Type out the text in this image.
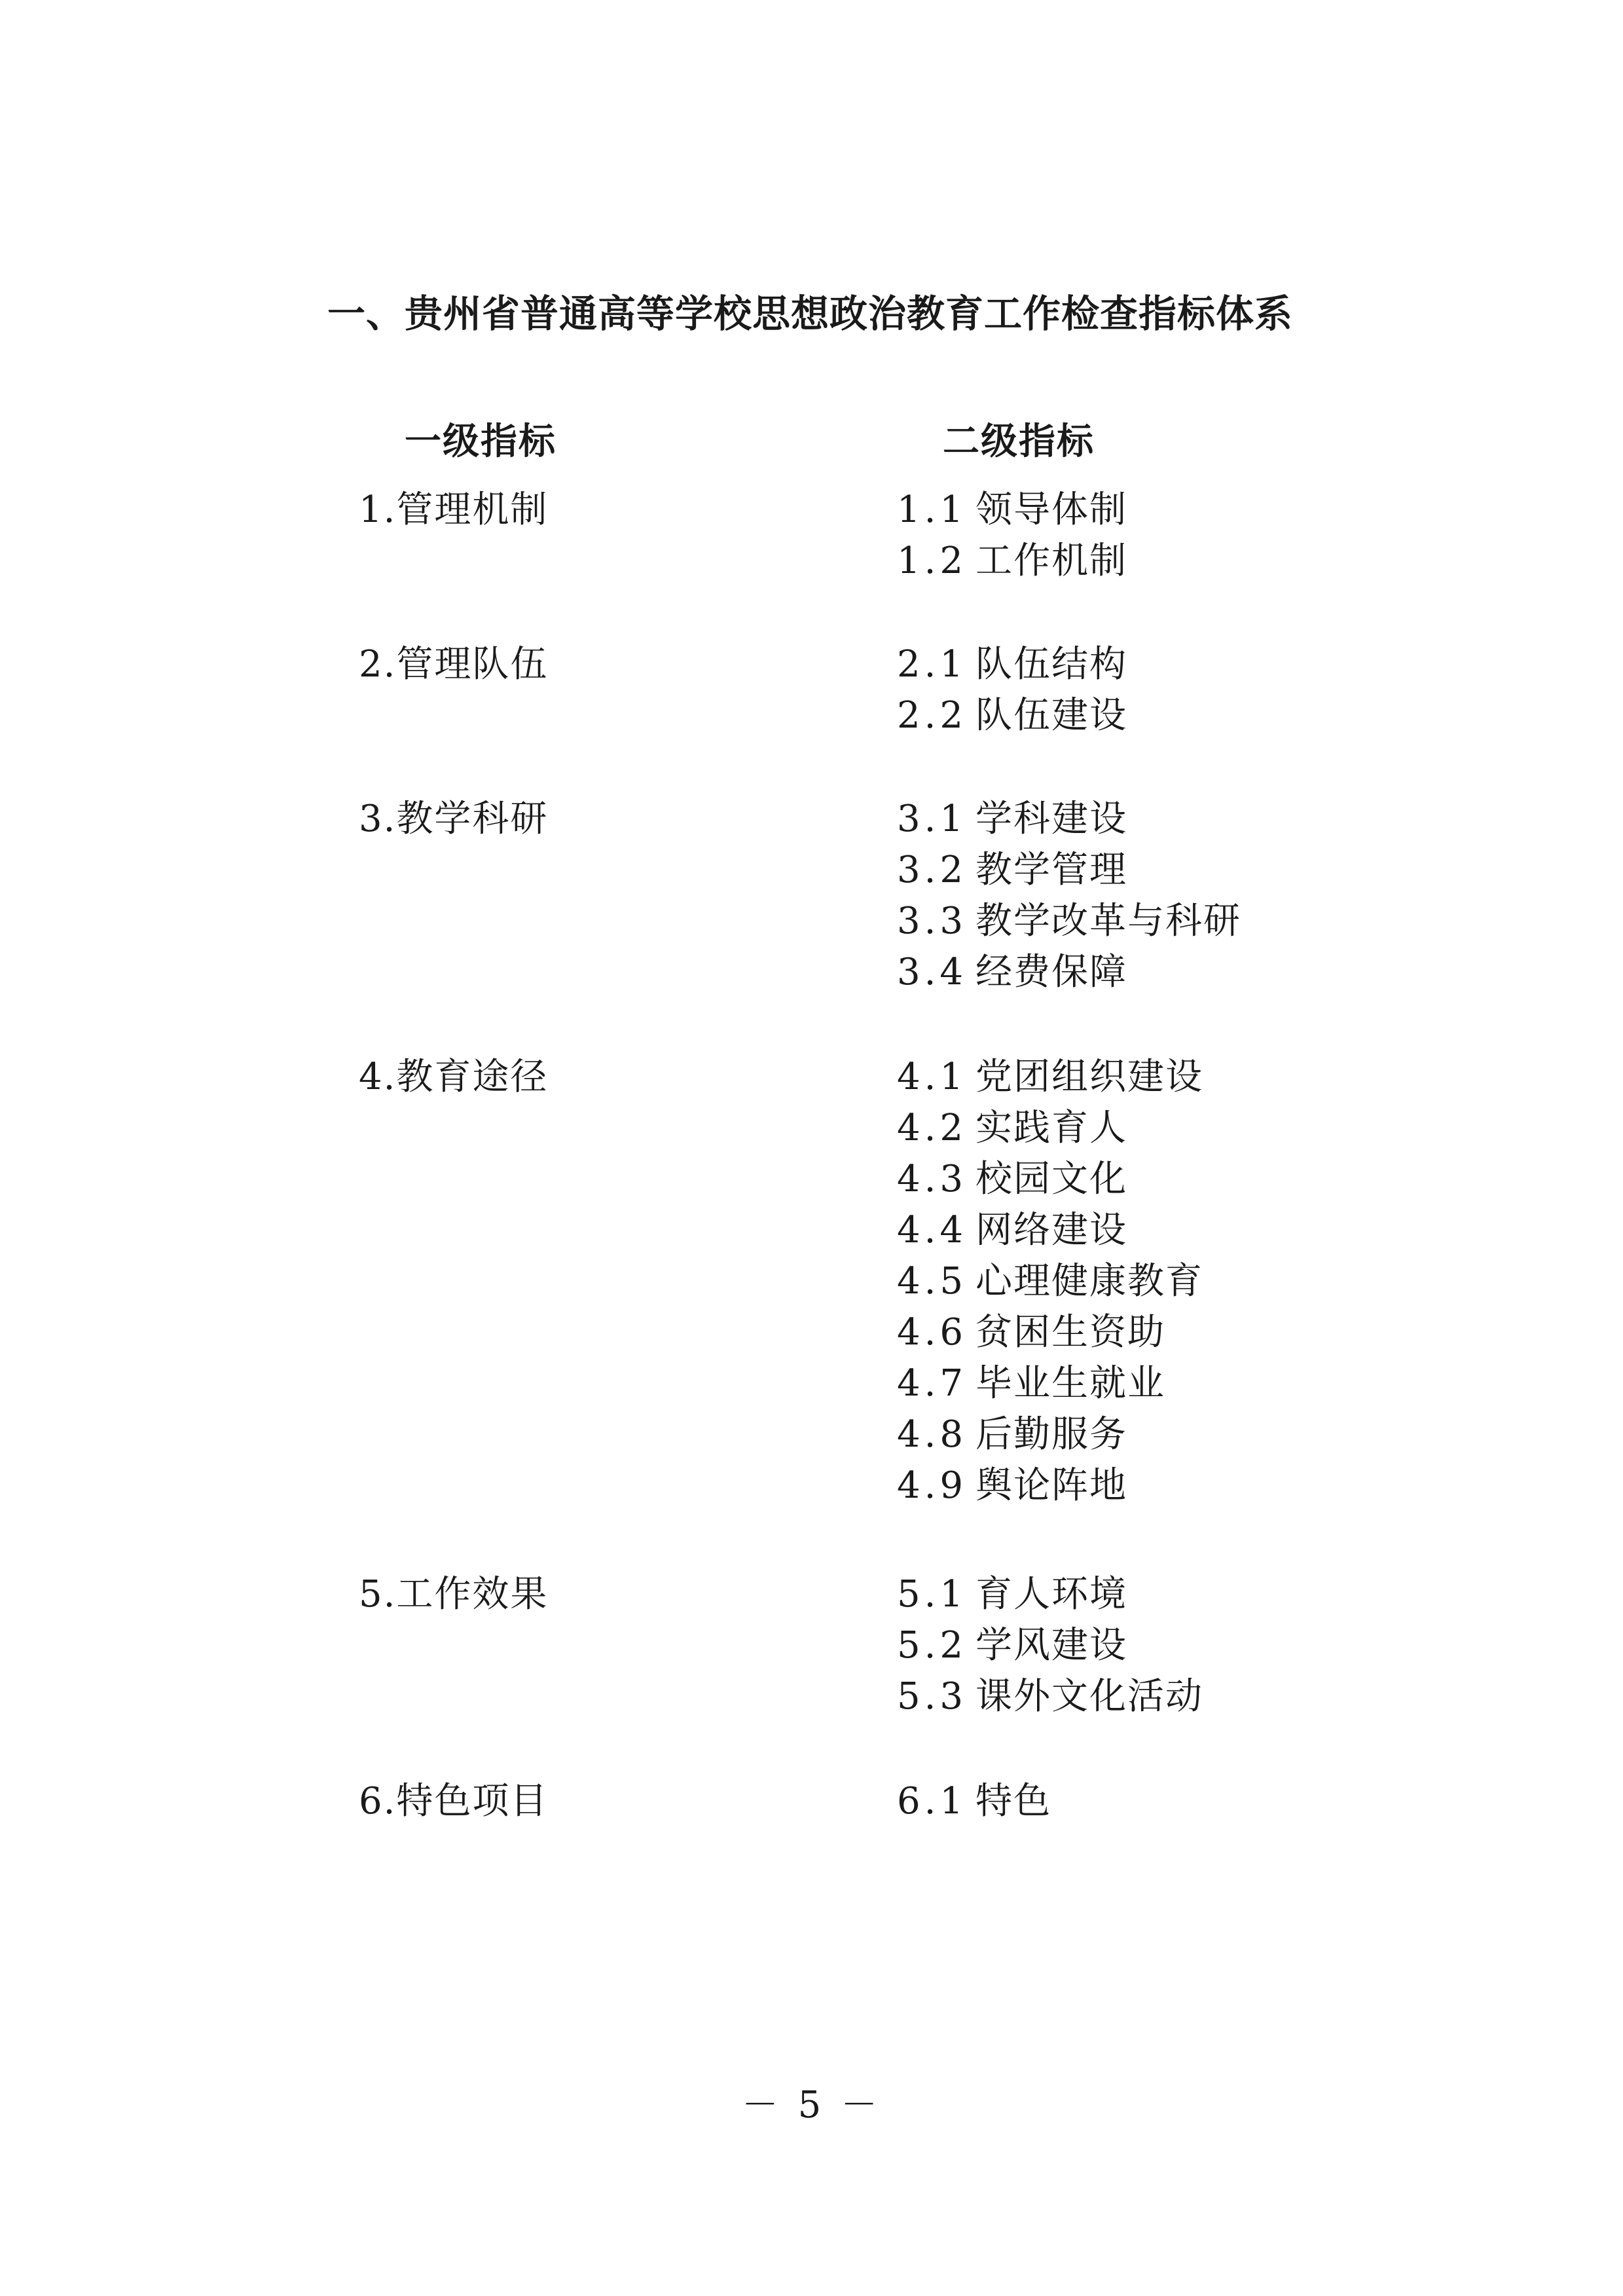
一、贵州省普通高等学校思想政治教育工作检查指标体系
一级指标	二级指标
1.管理机制	1.1 领导体制
1.2 工作机制
2.管理队伍	2.1 队伍结构
2.2 队伍建设
3.教学科研	3.1 学科建设
3.2 教学管理
3.3 教学改革与科研
3.4 经费保障
4.教育途径	4.1 党团组织建设
4.2 实践育人
4.3 校园文化
4.4 网络建设
4.5 心理健康教育
4.6 贫困生资助
4.7 毕业生就业
4.8 后勤服务
4.9 舆论阵地
5.工作效果	5.1 育人环境
5.2 学风建设
5.3 课外文化活动
6.特色项目	6.1 特色
－ 5 －
